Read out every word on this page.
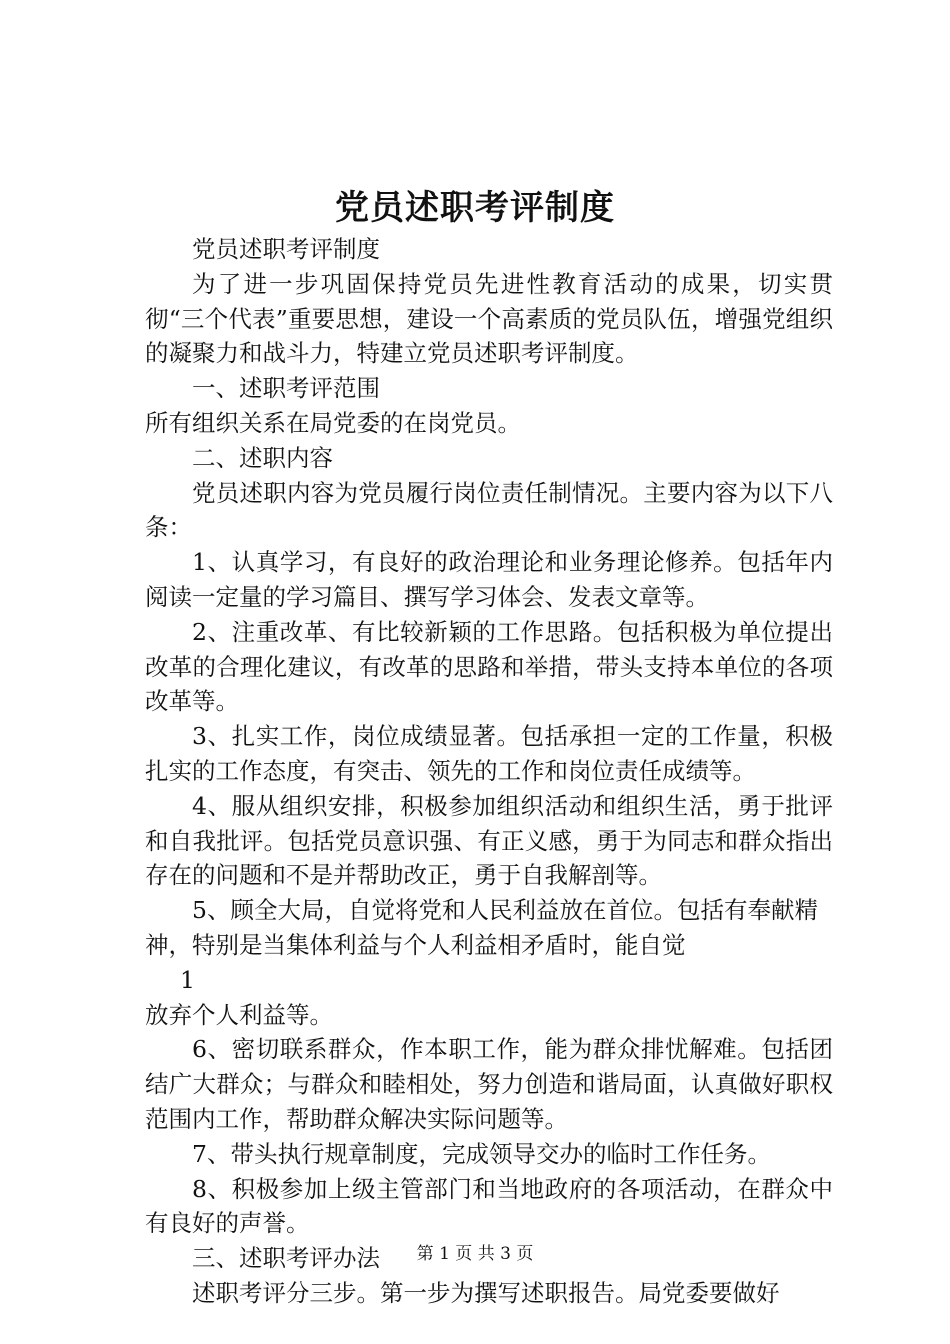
党员述职考评制度

党员述职考评制度

为了进一步巩固保持党员先进性教育活动的成果，切实贯彻“三个代表”重要思想，建设一个高素质的党员队伍，增强党组织的凝聚力和战斗力，特建立党员述职考评制度。

一、述职考评范围

所有组织关系在局党委的在岗党员。

二、述职内容

党员述职内容为党员履行岗位责任制情况。主要内容为以下八条：

1、认真学习，有良好的政治理论和业务理论修养。包括年内阅读一定量的学习篇目、撰写学习体会、发表文章等。

2、注重改革、有比较新颖的工作思路。包括积极为单位提出改革的合理化建议，有改革的思路和举措，带头支持本单位的各项改革等。

3、扎实工作，岗位成绩显著。包括承担一定的工作量，积极扎实的工作态度，有突击、领先的工作和岗位责任成绩等。

4、服从组织安排，积极参加组织活动和组织生活，勇于批评和自我批评。包括党员意识强、有正义感，勇于为同志和群众指出存在的问题和不是并帮助改正，勇于自我解剖等。

5、顾全大局，自觉将党和人民利益放在首位。包括有奉献精神，特别是当集体利益与个人利益相矛盾时，能自觉

1

放弃个人利益等。

6、密切联系群众，作本职工作，能为群众排忧解难。包括团结广大群众；与群众和睦相处，努力创造和谐局面，认真做好职权范围内工作，帮助群众解决实际问题等。

7、带头执行规章制度，完成领导交办的临时工作任务。

8、积极参加上级主管部门和当地政府的各项活动，在群众中有良好的声誉。

三、述职考评办法

述职考评分三步。第一步为撰写述职报告。局党委要做好

第 1 页 共 3 页
